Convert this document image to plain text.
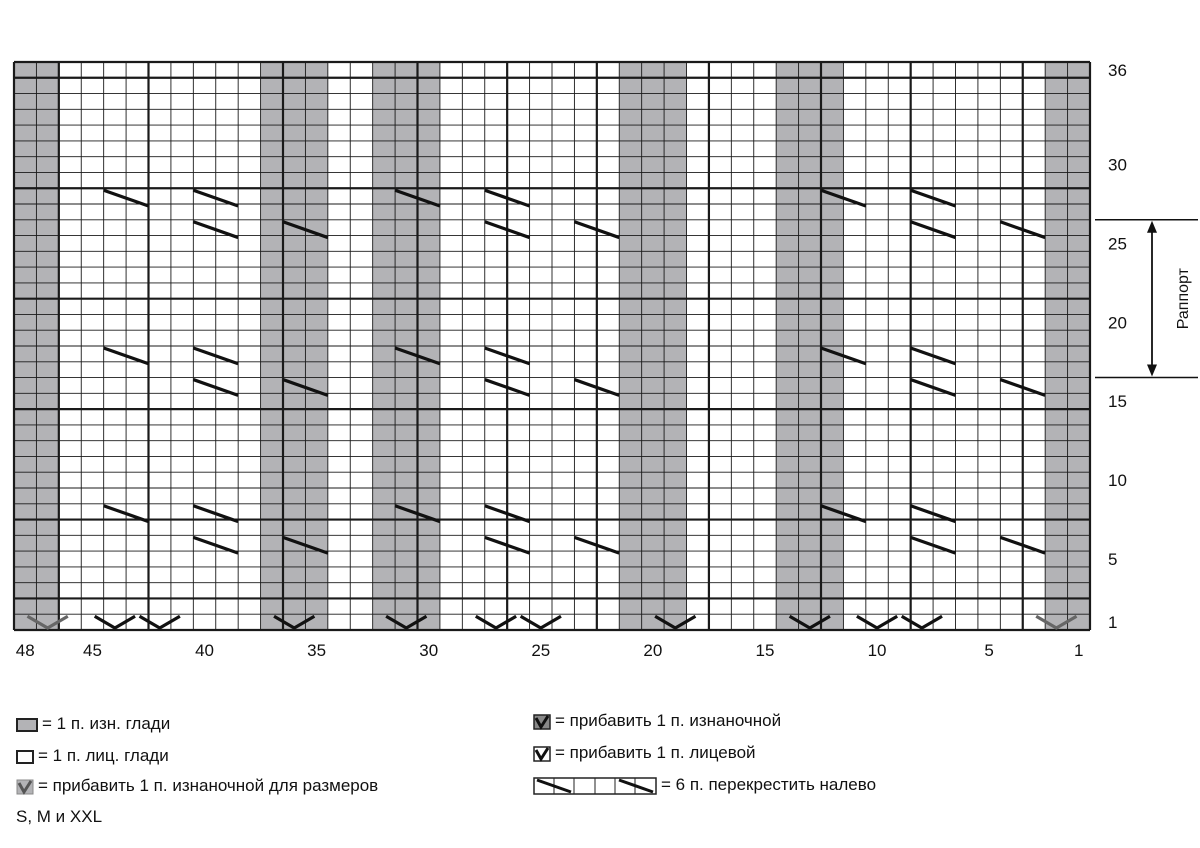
48	45	40	35	30	25	20	15	10	5	1
36
30
25
20
15
10
5
1
Раппорт
= 1 п. изн. глади
= 1 п. лиц. глади
= прибавить 1 п. изнаночной для размеров
S, M и XXL
= прибавить 1 п. изнаночной
= прибавить 1 п. лицевой
= 6 п. перекрестить налево
